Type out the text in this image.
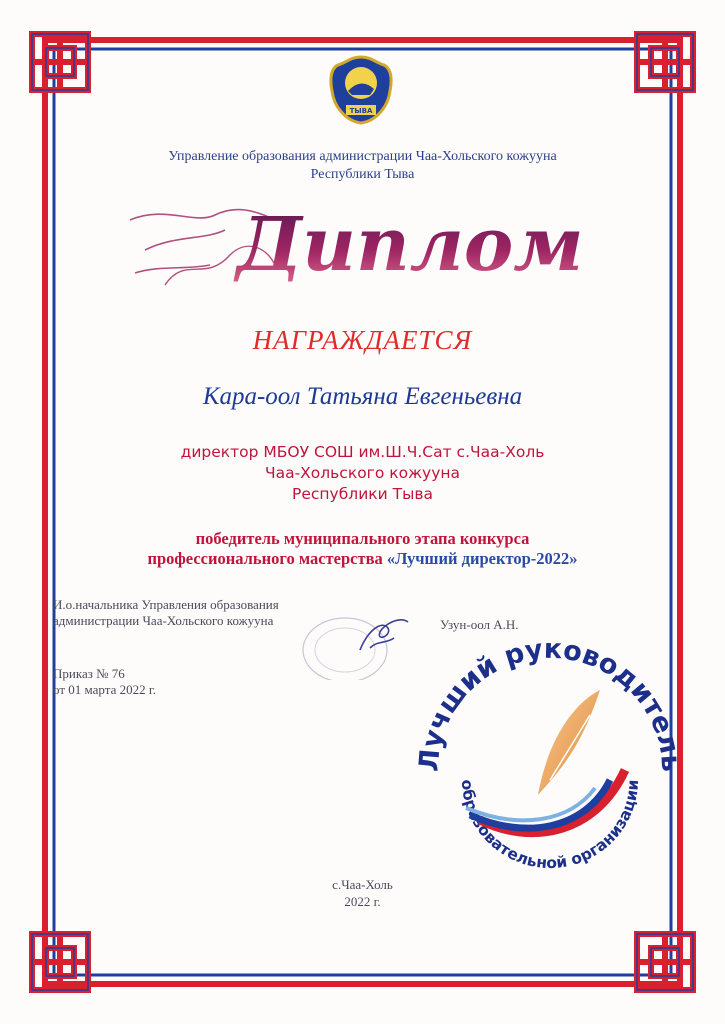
ТЫВА
Управление образования администрации Чаа-Хольского кожууна
Республики Тыва
Диплом
НАГРАЖДАЕТСЯ
Кара-оол Татьяна Евгеньевна
директор МБОУ СОШ им.Ш.Ч.Сат с.Чаа-Холь
Чаа-Хольского кожууна
Республики Тыва
победитель муниципального этапа конкурса
профессионального мастерства «Лучший директор-2022»
И.о.начальника Управления образования
администрации Чаа-Хольского кожууна	Узун-оол А.Н.
Приказ № 76
от 01 марта 2022 г.
Лучший руководитель
образовательной организации
с.Чаа-Холь
2022 г.
